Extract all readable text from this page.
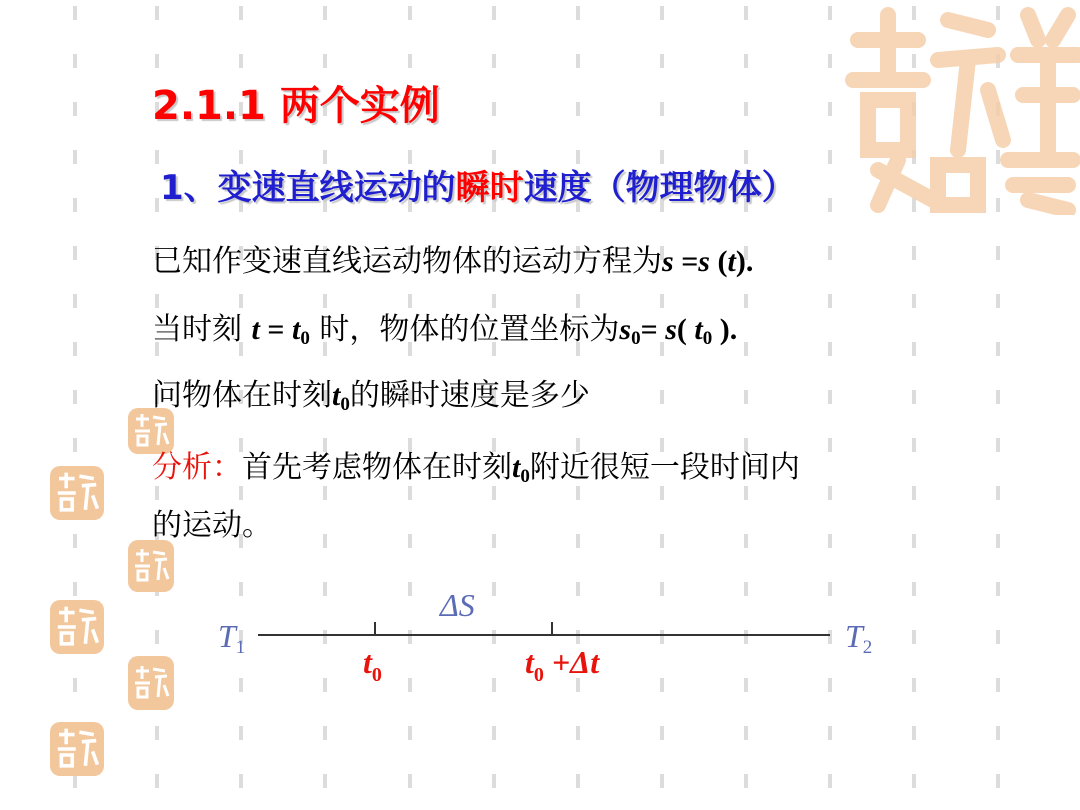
2.1.1 两个实例
1、变速直线运动的瞬时速度（物理物体）
已知作变速直线运动物体的运动方程为s =s (t).
当时刻 $t = t_0$ 时，物体的位置坐标为$s_0= s$( $t_0$ ).
问物体在时刻$t_0$的瞬时速度是多少
分析：首先考虑物体在时刻$t_0$附近很短一段时间内
的运动。
T1	T2
ΔS
$t_0$	$t_0 +\Delta t$
